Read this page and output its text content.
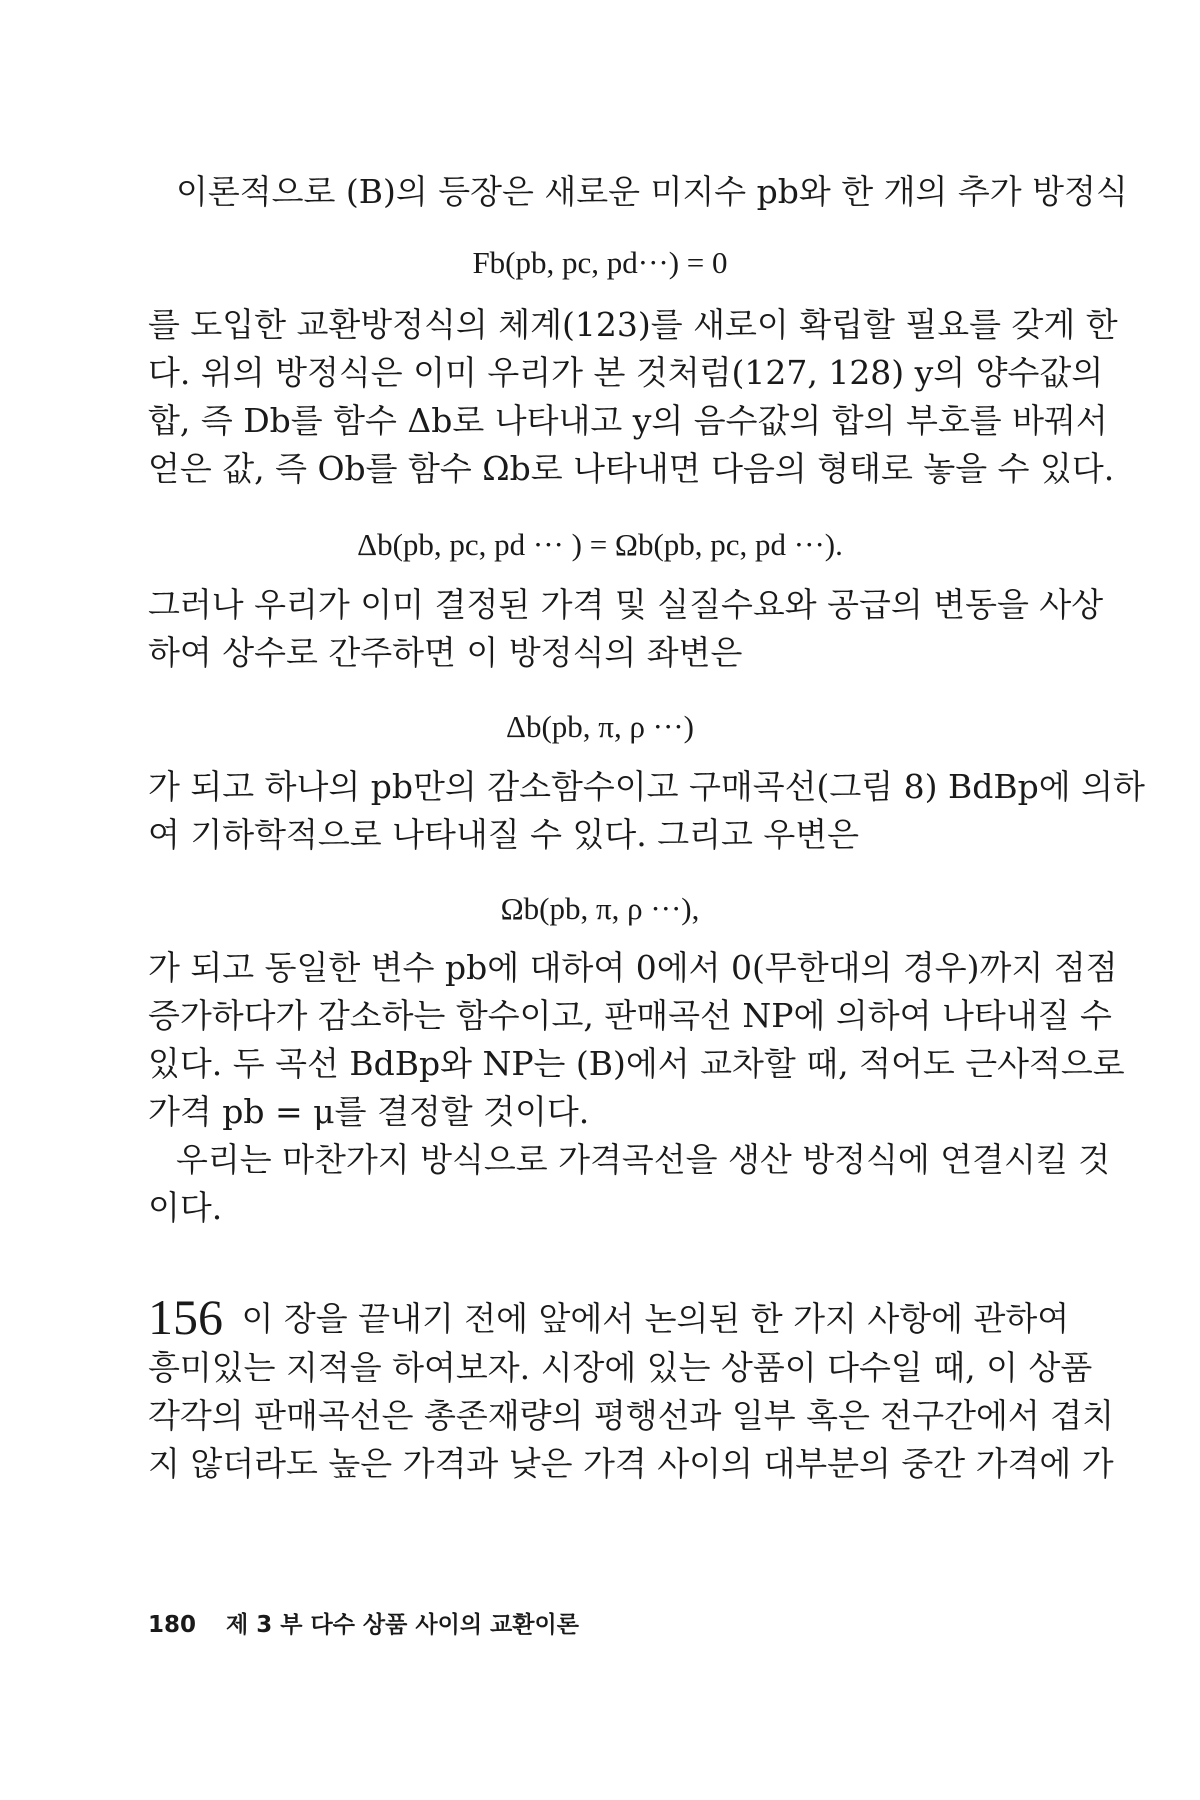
이론적으로 (B)의 등장은 새로운 미지수 pb와 한 개의 추가 방정식
Fb(pb, pc, pd···) = 0
를 도입한 교환방정식의 체계(123)를 새로이 확립할 필요를 갖게 한
다. 위의 방정식은 이미 우리가 본 것처럼(127, 128) y의 양수값의
합, 즉 Db를 함수 Δb로 나타내고 y의 음수값의 합의 부호를 바꿔서
얻은 값, 즉 Ob를 함수 Ωb로 나타내면 다음의 형태로 놓을 수 있다.
Δb(pb, pc, pd ··· ) = Ωb(pb, pc, pd ···).
그러나 우리가 이미 결정된 가격 및 실질수요와 공급의 변동을 사상
하여 상수로 간주하면 이 방정식의 좌변은
Δb(pb, π, ρ ···)
가 되고 하나의 pb만의 감소함수이고 구매곡선(그림 8) BdBp에 의하
여 기하학적으로 나타내질 수 있다. 그리고 우변은
Ωb(pb, π, ρ ···),
가 되고 동일한 변수 pb에 대하여 0에서 0(무한대의 경우)까지 점점
증가하다가 감소하는 함수이고, 판매곡선 NP에 의하여 나타내질 수
있다. 두 곡선 BdBp와 NP는 (B)에서 교차할 때, 적어도 근사적으로
가격 pb = μ를 결정할 것이다.
우리는 마찬가지 방식으로 가격곡선을 생산 방정식에 연결시킬 것
이다.
156 이 장을 끝내기 전에 앞에서 논의된 한 가지 사항에 관하여
흥미있는 지적을 하여보자. 시장에 있는 상품이 다수일 때, 이 상품
각각의 판매곡선은 총존재량의 평행선과 일부 혹은 전구간에서 겹치
지 않더라도 높은 가격과 낮은 가격 사이의 대부분의 중간 가격에 가
180 제 3 부 다수 상품 사이의 교환이론
